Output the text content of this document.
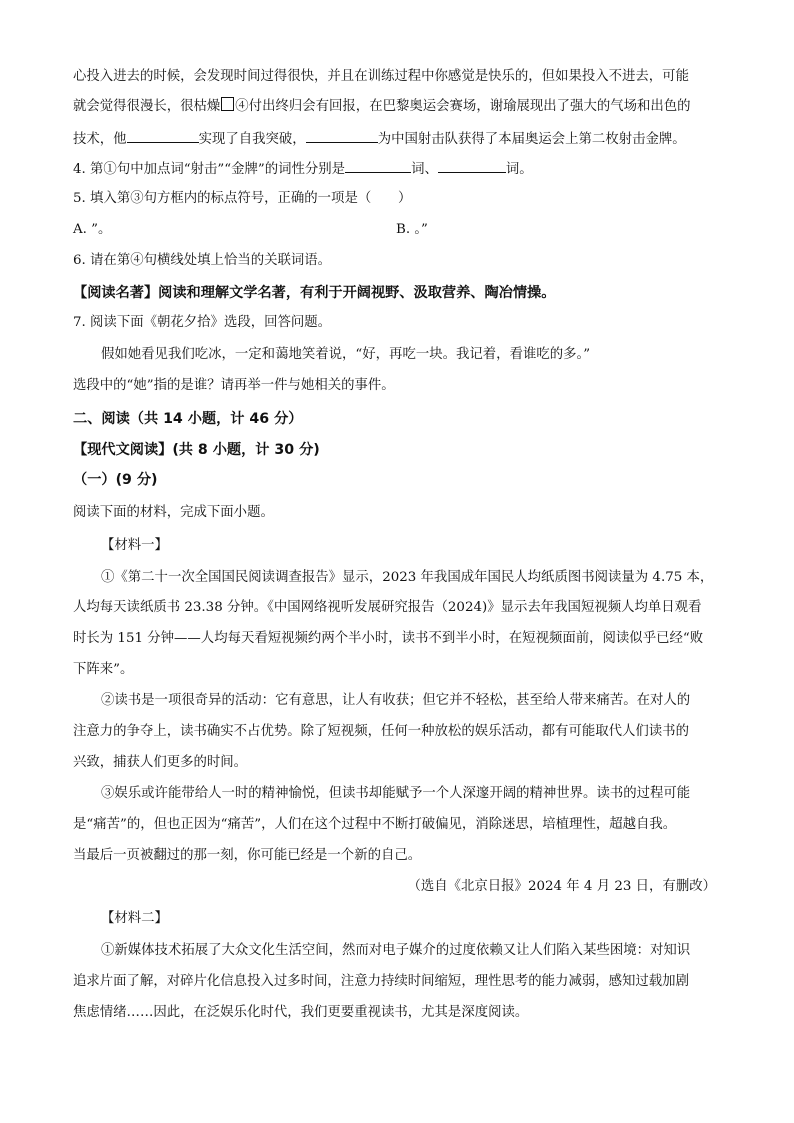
心投入进去的时候，会发现时间过得很快，并且在训练过程中你感觉是快乐的，但如果投入不进去，可能
就会觉得很漫长，很枯燥 ④付出终归会有回报，在巴黎奥运会赛场，谢瑜展现出了强大的气场和出色的
技术，他	实现了自我突破，	为中国射击队获得了本届奥运会上第二枚射击金牌。
4. 第①句中加点词“射击”“金牌”的词性分别是	词、	词。
5. 填入第③句方框内的标点符号，正确的一项是（　　）
A. ”。	B. 。”
6. 请在第④句横线处填上恰当的关联词语。
【阅读名著】阅读和理解文学名著，有利于开阔视野、汲取营养、陶冶情操。
7. 阅读下面《朝花夕拾》选段，回答问题。
假如她看见我们吃冰，一定和蔼地笑着说，“好，再吃一块。我记着，看谁吃的多。”
选段中的“她”指的是谁？请再举一件与她相关的事件。
二、阅读（共 14 小题，计 46 分）
【现代文阅读】(共 8 小题，计 30 分)
（一）(9 分)
阅读下面的材料，完成下面小题。
【材料一】
①《第二十一次全国国民阅读调查报告》显示，2023 年我国成年国民人均纸质图书阅读量为 4.75 本，
人均每天读纸质书 23.38 分钟。《中国网络视听发展研究报告（2024)》显示去年我国短视频人均单日观看
时长为 151 分钟——人均每天看短视频约两个半小时，读书不到半小时，在短视频面前，阅读似乎已经“败
下阵来”。
②读书是一项很奇异的活动：它有意思，让人有收获；但它并不轻松，甚至给人带来痛苦。在对人的
注意力的争夺上，读书确实不占优势。除了短视频，任何一种放松的娱乐活动，都有可能取代人们读书的
兴致，捕获人们更多的时间。
③娱乐或许能带给人一时的精神愉悦，但读书却能赋予一个人深邃开阔的精神世界。读书的过程可能
是“痛苦”的，但也正因为“痛苦”，人们在这个过程中不断打破偏见，消除迷思，培植理性，超越自我。
当最后一页被翻过的那一刻，你可能已经是一个新的自己。
（选自《北京日报》2024 年 4 月 23 日，有删改）
【材料二】
①新媒体技术拓展了大众文化生活空间，然而对电子媒介的过度依赖又让人们陷入某些困境：对知识
追求片面了解，对碎片化信息投入过多时间，注意力持续时间缩短，理性思考的能力减弱，感知过载加剧
焦虑情绪……因此，在泛娱乐化时代，我们更要重视读书，尤其是深度阅读。
